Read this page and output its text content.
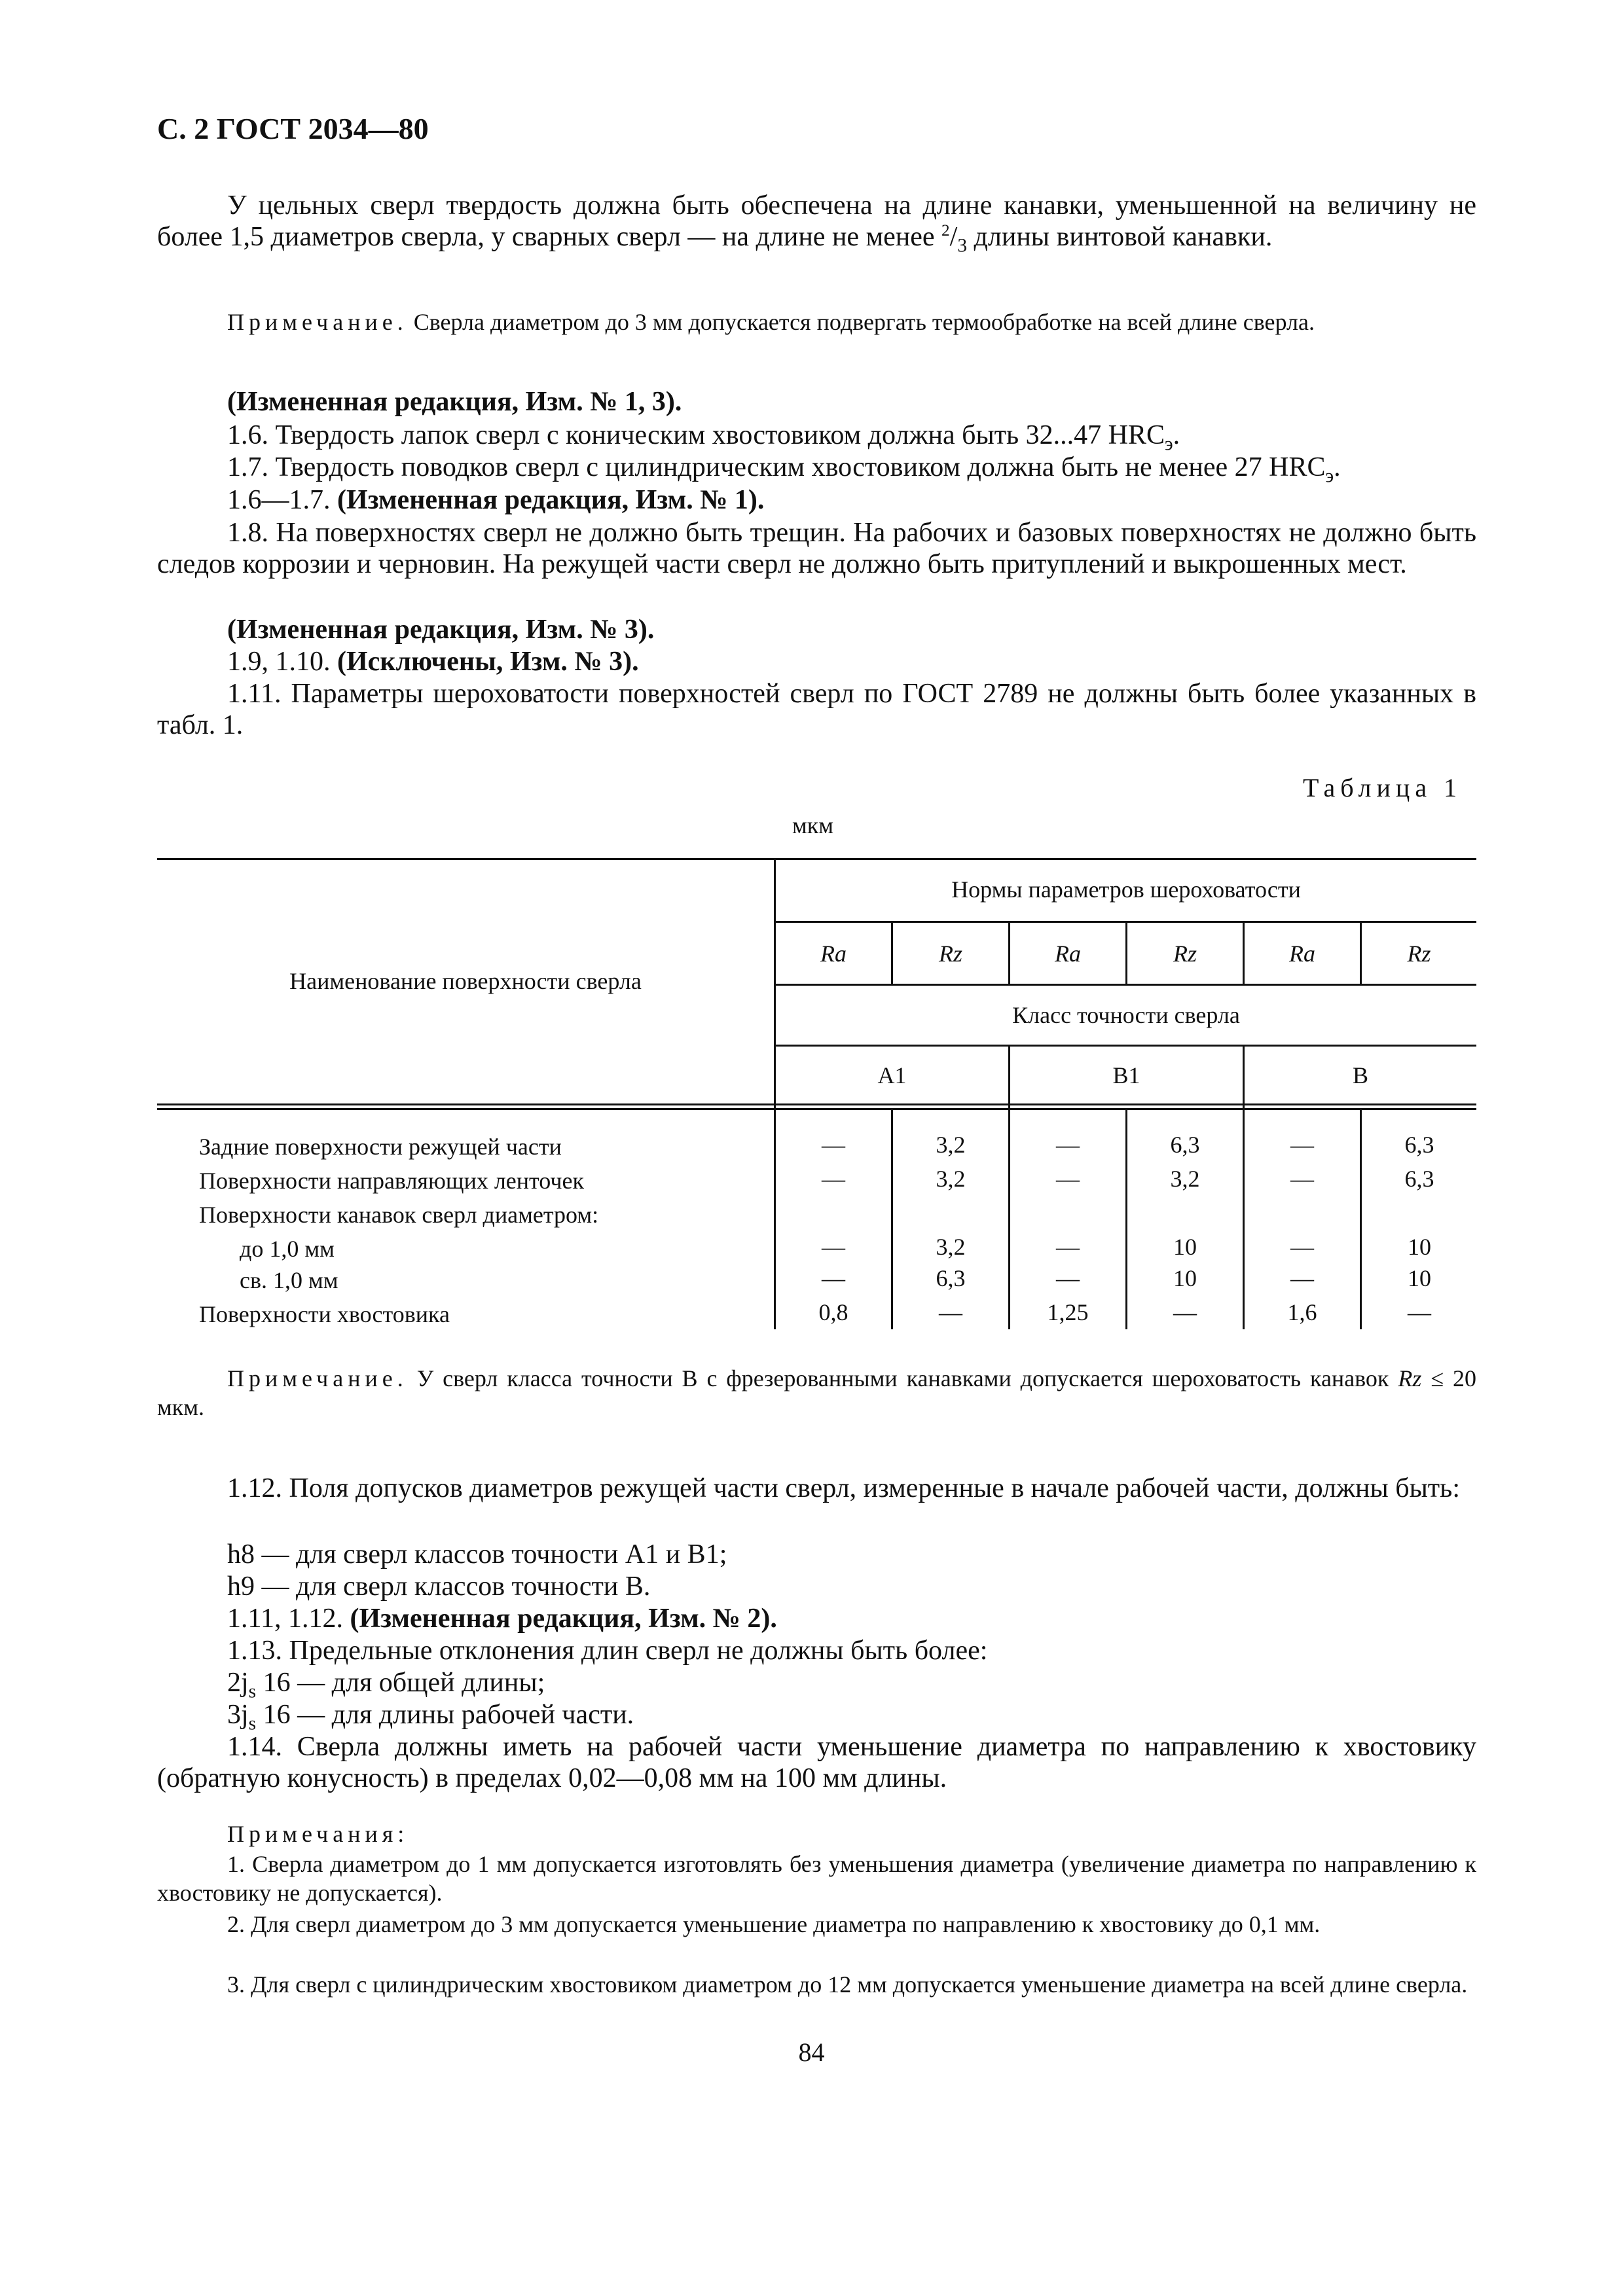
С. 2 ГОСТ 2034—80
У цельных сверл твердость должна быть обеспечена на длине канавки, уменьшенной на величину не более 1,5 диаметров сверла, у сварных сверл — на длине не менее $^2/_3$ длины винтовой канавки.
Примечание. Сверла диаметром до 3 мм допускается подвергать термообработке на всей длине сверла.
(Измененная редакция, Изм. № 1, 3).
1.6. Твердость лапок сверл с коническим хвостовиком должна быть 32...47 $HRC_э$.
1.7. Твердость поводков сверл с цилиндрическим хвостовиком должна быть не менее 27 $HRC_э$.
1.6—1.7. (Измененная редакция, Изм. № 1).
1.8. На поверхностях сверл не должно быть трещин. На рабочих и базовых поверхностях не должно быть следов коррозии и черновин. На режущей части сверл не должно быть притуплений и выкрошенных мест.
(Измененная редакция, Изм. № 3).
1.9, 1.10. (Исключены, Изм. № 3).
1.11. Параметры шероховатости поверхностей сверл по ГОСТ 2789 не должны быть более указанных в табл. 1.
Таблица 1
мкм
Наименование поверхности сверла
Нормы параметров шероховатости
Ra	Rz	Ra	Rz	Ra	Rz
Класс точности сверла
A1	B1	B
Задние поверхности режущей части	—	3,2	—	6,3	—	6,3
Поверхности направляющих ленточек	—	3,2	—	3,2	—	6,3
Поверхности канавок сверл диаметром:
до 1,0 мм	—	3,2	—	10	—	10
св. 1,0 мм	—	6,3	—	10	—	10
Поверхности хвостовика	0,8	—	1,25	—	1,6	—
Примечание. У сверл класса точности В с фрезерованными канавками допускается шероховатость канавок Rz ≤ 20 мкм.
1.12. Поля допусков диаметров режущей части сверл, измеренные в начале рабочей части, должны быть:
h8 — для сверл классов точности А1 и В1;
h9 — для сверл классов точности В.
1.11, 1.12. (Измененная редакция, Изм. № 2).
1.13. Предельные отклонения длин сверл не должны быть более:
$2j_s$ 16 — для общей длины;
$3j_s$ 16 — для длины рабочей части.
1.14. Сверла должны иметь на рабочей части уменьшение диаметра по направлению к хвостовику (обратную конусность) в пределах 0,02—0,08 мм на 100 мм длины.
Примечания:
1. Сверла диаметром до 1 мм допускается изготовлять без уменьшения диаметра (увеличение диаметра по направлению к хвостовику не допускается).
2. Для сверл диаметром до 3 мм допускается уменьшение диаметра по направлению к хвостовику до 0,1 мм.
3. Для сверл с цилиндрическим хвостовиком диаметром до 12 мм допускается уменьшение диаметра на всей длине сверла.
84
